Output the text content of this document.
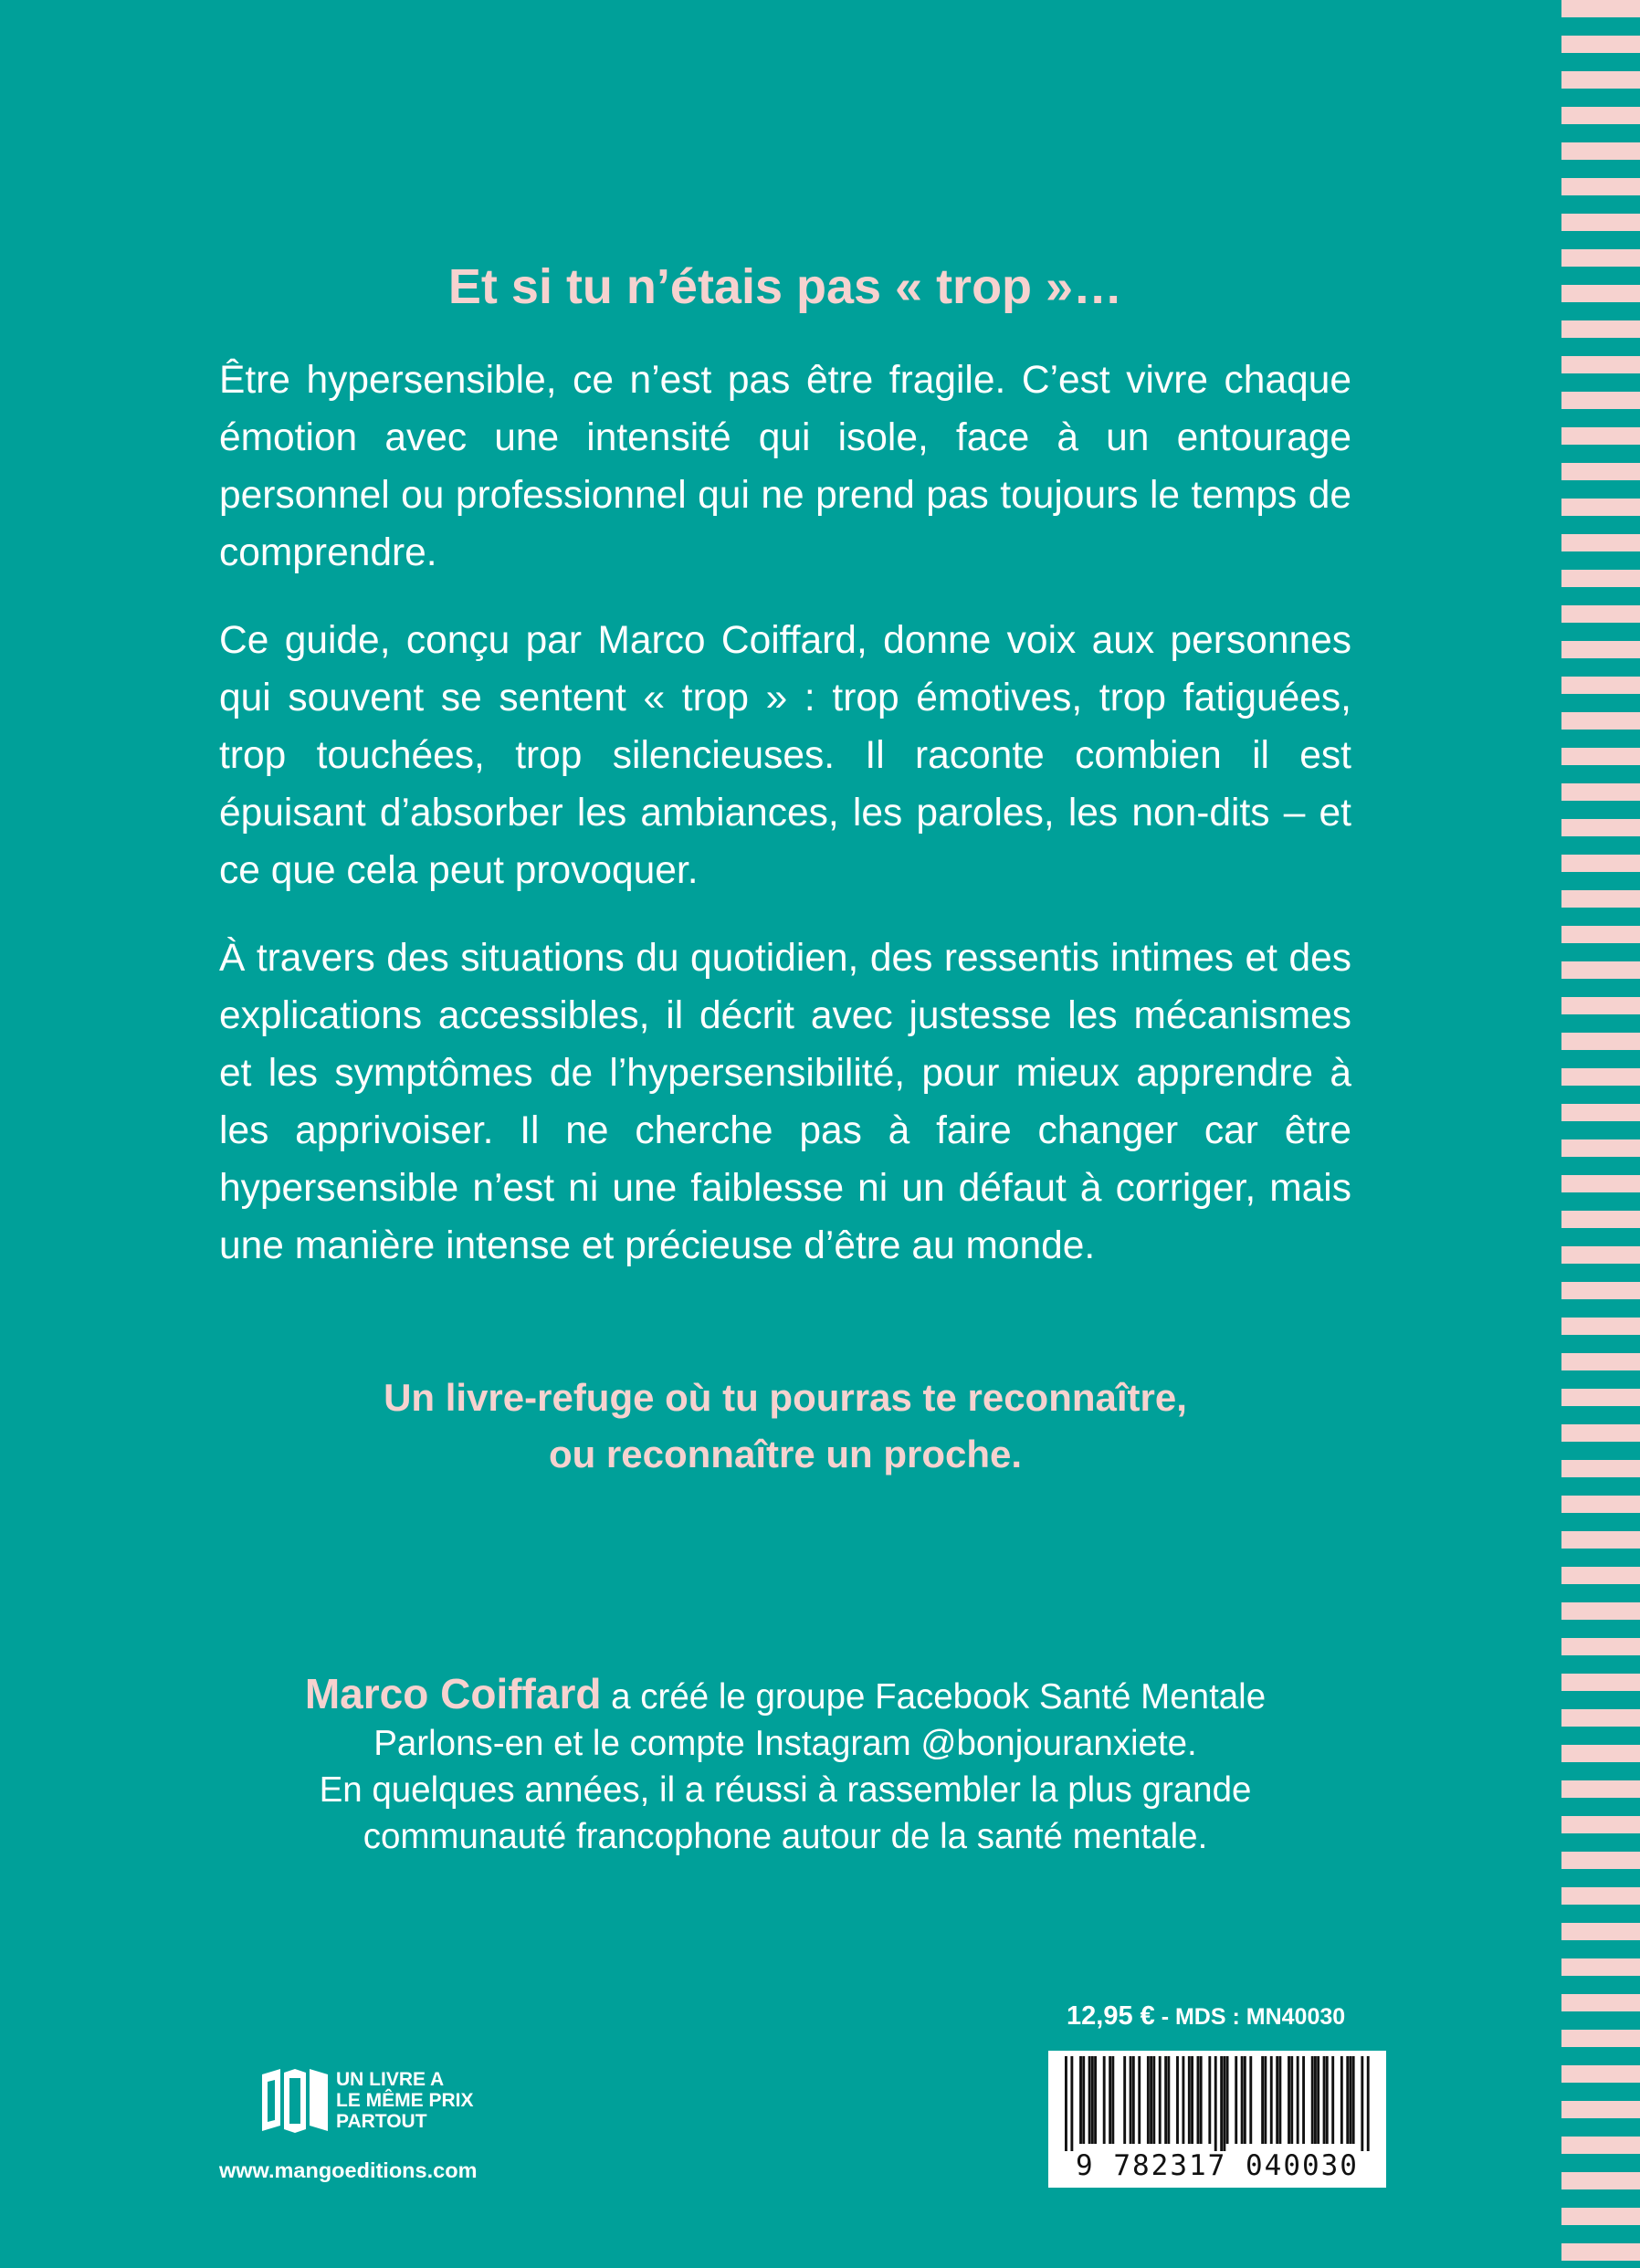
Et si tu n’étais pas « trop »…

Être hypersensible, ce n’est pas être fragile. C’est vivre chaque émotion avec une intensité qui isole, face à un entourage personnel ou professionnel qui ne prend pas toujours le temps de comprendre.

Ce guide, conçu par Marco Coiffard, donne voix aux personnes qui souvent se sentent « trop » : trop émotives, trop fatiguées, trop touchées, trop silencieuses. Il raconte combien il est épuisant d’absorber les ambiances, les paroles, les non-dits – et ce que cela peut provoquer.

À travers des situations du quotidien, des ressentis intimes et des explications accessibles, il décrit avec justesse les mécanismes et les symptômes de l’hypersensibilité, pour mieux apprendre à les apprivoiser. Il ne cherche pas à faire changer car être hypersensible n’est ni une faiblesse ni un défaut à corriger, mais une manière intense et précieuse d’être au monde.

Un livre-refuge où tu pourras te reconnaître,
ou reconnaître un proche.
Marco Coiffard a créé le groupe Facebook Santé Mentale
Parlons-en et le compte Instagram @bonjouranxiete.
En quelques années, il a réussi à rassembler la plus grande
communauté francophone autour de la santé mentale.
12,95 € - MDS : MN40030
9 782317 040030
UN LIVRE A
LE MÊME PRIX
PARTOUT
www.mangoeditions.com
